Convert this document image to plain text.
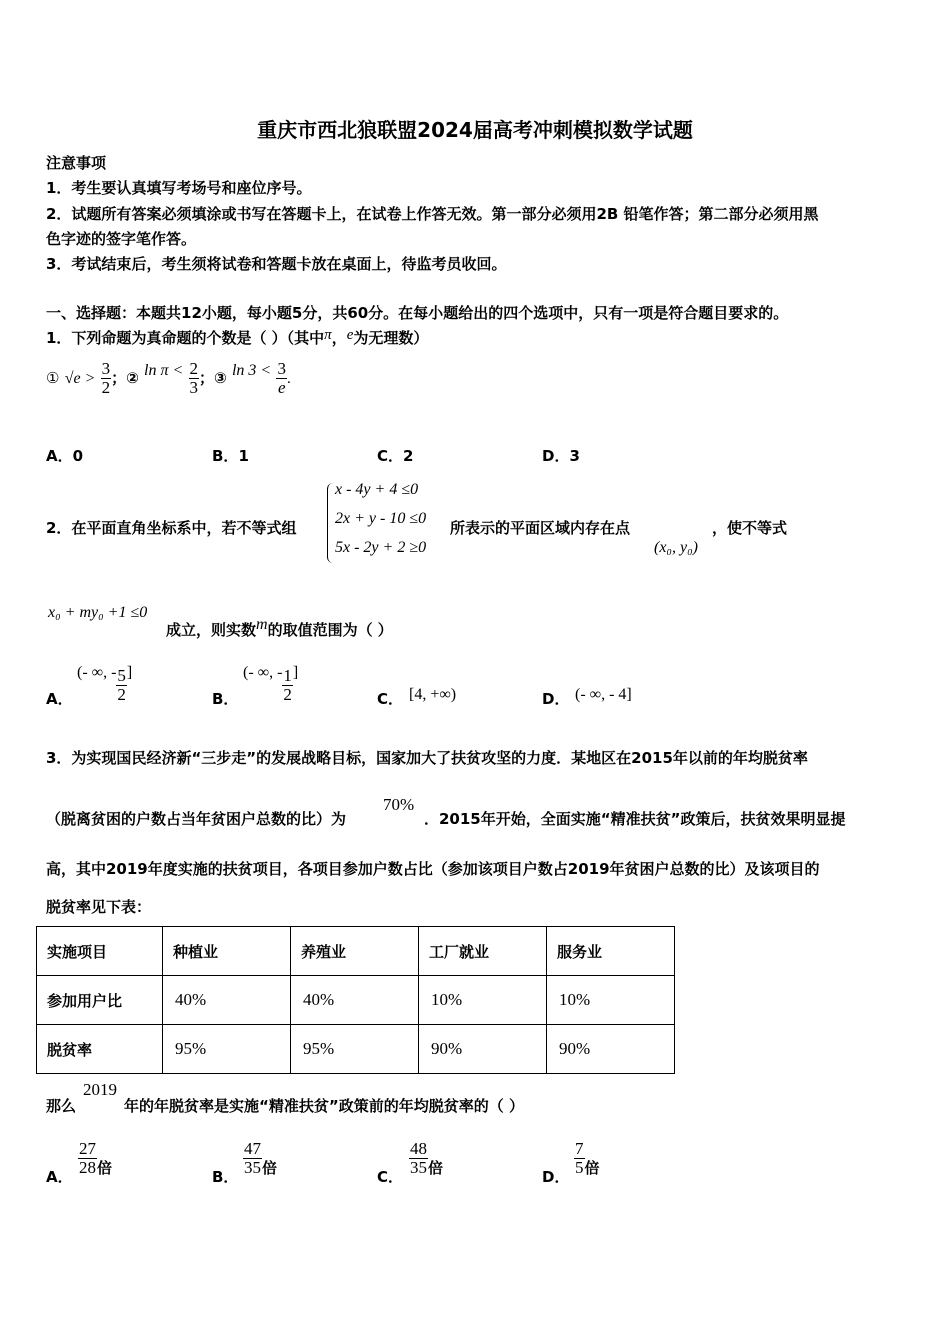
重庆市西北狼联盟2024届高考冲刺模拟数学试题
注意事项
1．考生要认真填写考场号和座位序号。
2．试题所有答案必须填涂或书写在答题卡上，在试卷上作答无效。第一部分必须用2B 铅笔作答；第二部分必须用黑
色字迹的签字笔作答。
3．考试结束后，考生须将试卷和答题卡放在桌面上，待监考员收回。
一、选择题：本题共12小题，每小题5分，共60分。在每小题给出的四个选项中，只有一项是符合题目要求的。
1．下列命题为真命题的个数是（ ）（其中π，e为无理数）
① $√e > \frac{3}{2}$ ；② $\ln \pi < \frac{2}{3}$ ；③ $\ln 3 < \frac{3}{e}$ .
A．0	B．1	C．2	D．3
2．在平面直角坐标系中，若不等式组
x - 4y + 4 ≤0
2x + y - 10 ≤0
5x - 2y + 2 ≥0
所表示的平面区域内存在点
(x₀, y₀)
，使不等式
x₀ + my₀ +1 ≤0
成立，则实数m的取值范围为（ ）
A．
(- ∞, - $\frac{5}{2}$ ]
B．
(- ∞, - $\frac{1}{2}$ ]
C． [4, +∞)	D． (- ∞, - 4]
3．为实现国民经济新“三步走”的发展战略目标，国家加大了扶贫攻坚的力度．某地区在2015年以前的年均脱贫率
（脱离贫困的户数占当年贫困户总数的比）为
70%
．2015年开始，全面实施“精准扶贫”政策后，扶贫效果明显提
高，其中2019年度实施的扶贫项目，各项目参加户数占比（参加该项目户数占2019年贫困户总数的比）及该项目的
脱贫率见下表：
实施项目	种植业	养殖业	工厂就业	服务业
参加用户比	40%	40%	10%	10%
脱贫率	95%	95%	90%	90%
那么
2019
年的年脱贫率是实施“精准扶贫”政策前的年均脱贫率的（ ）
A． $\frac{27}{28}$ 倍	B． $\frac{47}{35}$ 倍	C． $\frac{48}{35}$ 倍	D． $\frac{7}{5}$ 倍
